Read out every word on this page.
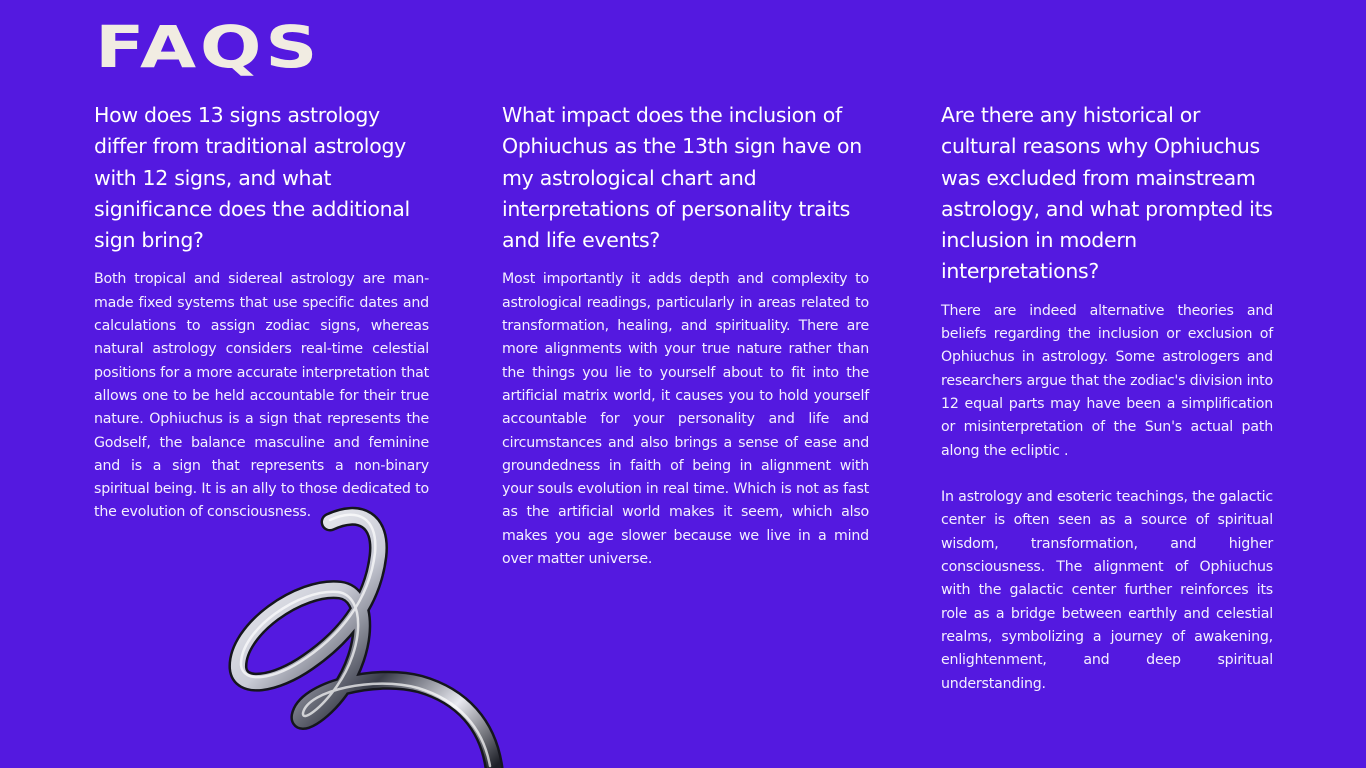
FAQS
How does 13 signs astrology differ from traditional astrology with 12 signs, and what significance does the additional sign bring?

Both tropical and sidereal astrology are man-made fixed systems that use specific dates and calculations to assign zodiac signs, whereas natural astrology considers real-time celestial positions for a more accurate interpretation that allows one to be held accountable for their true nature. Ophiuchus is a sign that represents the Godself, the balance masculine and feminine and is a sign that represents a non-binary spiritual being. It is an ally to those dedicated to the evolution of consciousness.

What impact does the inclusion of Ophiuchus as the 13th sign have on my astrological chart and interpretations of personality traits and life events?

Most importantly it adds depth and complexity to astrological readings, particularly in areas related to transformation, healing, and spirituality. There are more alignments with your true nature rather than the things you lie to yourself about to fit into the artificial matrix world, it causes you to hold yourself accountable for your personality and life and circumstances and also brings a sense of ease and groundedness in faith of being in alignment with your souls evolution in real time. Which is not as fast as the artificial world makes it seem, which also makes you age slower because we live in a mind over matter universe.

Are there any historical or cultural reasons why Ophiuchus was excluded from mainstream astrology, and what prompted its inclusion in modern interpretations?

There are indeed alternative theories and beliefs regarding the inclusion or exclusion of Ophiuchus in astrology. Some astrologers and researchers argue that the zodiac's division into 12 equal parts may have been a simplification or misinterpretation of the Sun's actual path along the ecliptic .

In astrology and esoteric teachings, the galactic center is often seen as a source of spiritual wisdom, transformation, and higher consciousness. The alignment of Ophiuchus with the galactic center further reinforces its role as a bridge between earthly and celestial realms, symbolizing a journey of awakening, enlightenment, and deep spiritual understanding.
